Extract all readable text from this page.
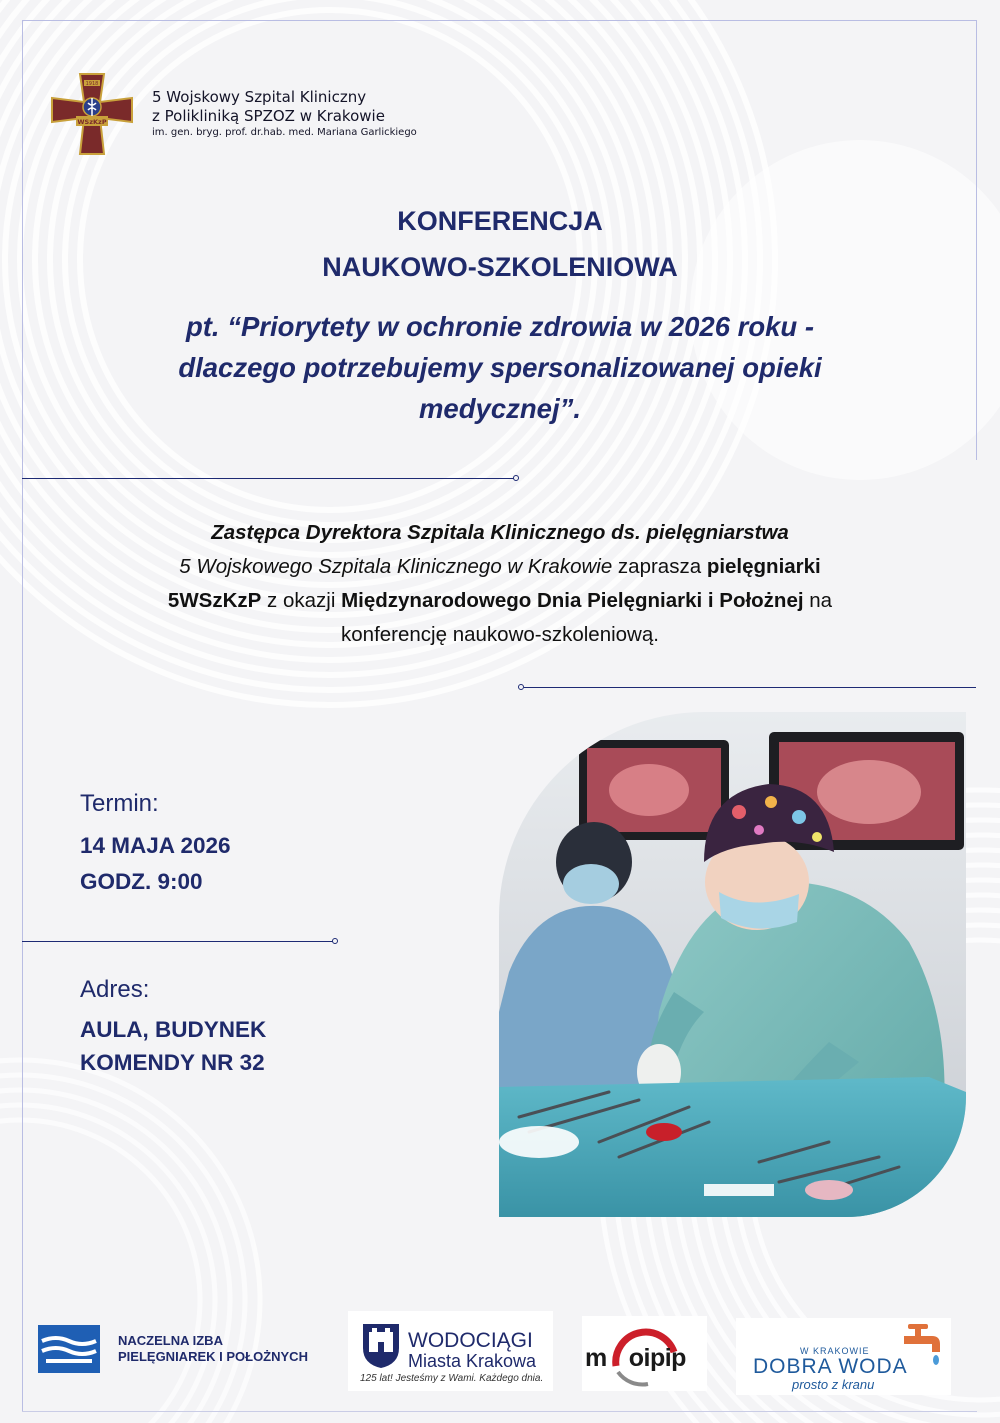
1918
WSzKzP
5 Wojskowy Szpital Kliniczny
z Polikliniką SPZOZ w Krakowie
im. gen. bryg. prof. dr.hab. med. Mariana Garlickiego
KONFERENCJA
NAUKOWO-SZKOLENIOWA
pt. “Priorytety w ochronie zdrowia w 2026 roku -
dlaczego potrzebujemy spersonalizowanej opieki
medycznej”.
Zastępca Dyrektora Szpitala Klinicznego ds. pielęgniarstwa
5 Wojskowego Szpitala Klinicznego w Krakowie zaprasza pielęgniarki
5WSzKzP z okazji Międzynarodowego Dnia Pielęgniarki i Położnej na
konferencję naukowo-szkoleniową.
Termin:
14 MAJA 2026
GODZ. 9:00
Adres:
AULA, BUDYNEK
KOMENDY NR 32
NACZELNA IZBA
PIELĘGNIAREK I POŁOŻNYCH
WODOCIĄGI
Miasta Krakowa
125 lat! Jesteśmy z Wami. Każdego dnia.
m oipip	W KRAKOWIE
DOBRA WODA
prosto z kranu
